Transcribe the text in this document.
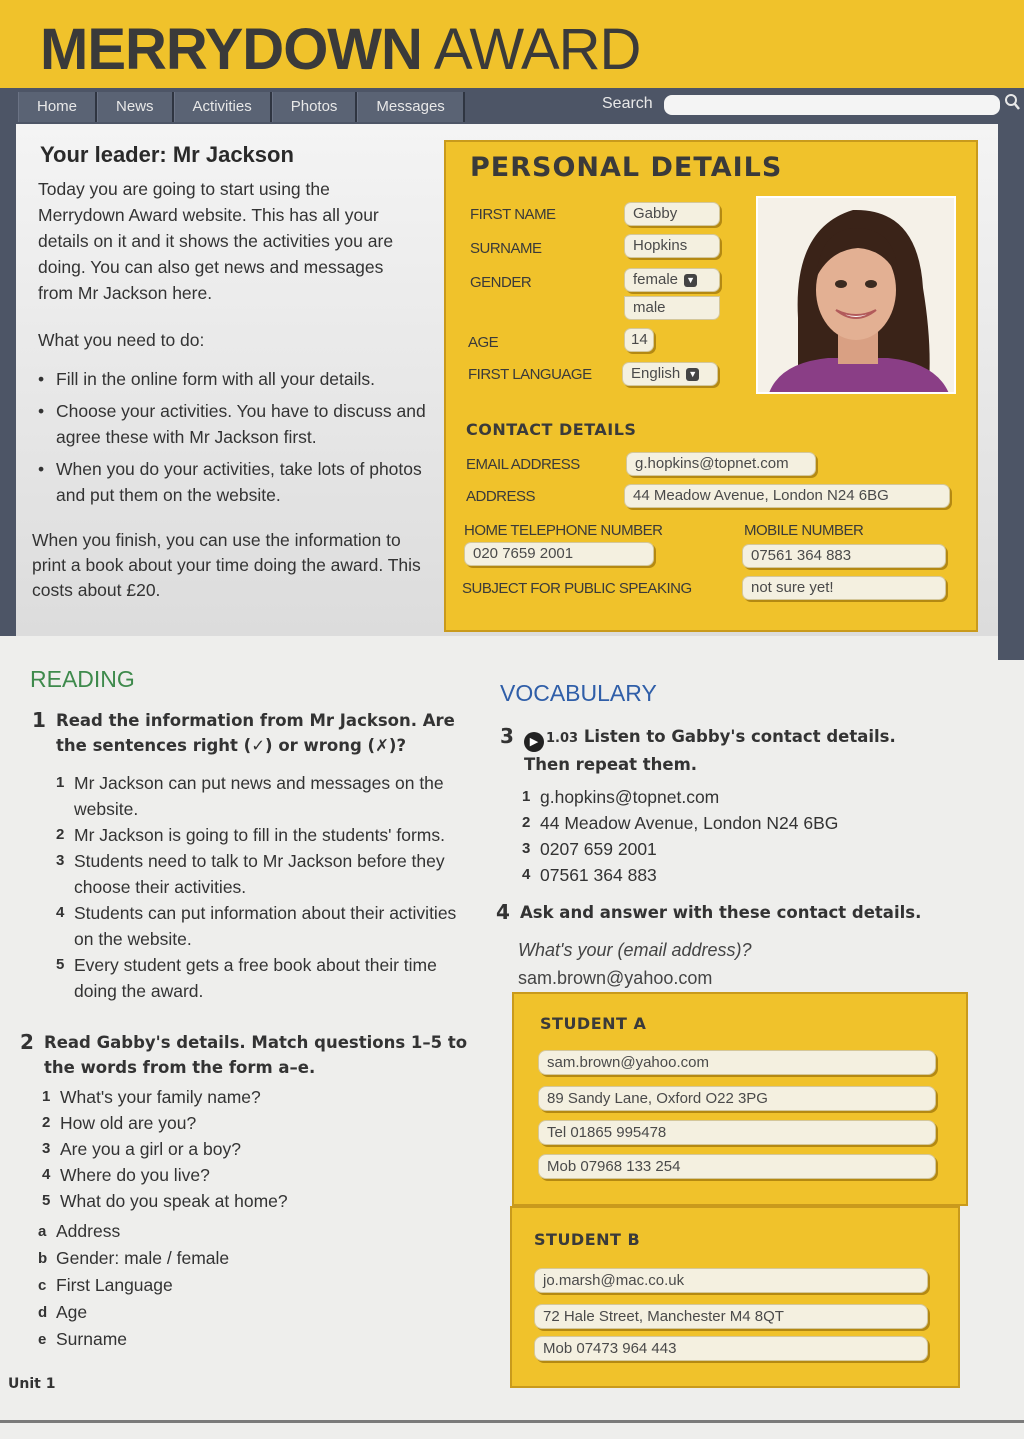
MERRYDOWN AWARD
Home	News	Activities	Photos	Messages	Search
Your leader: Mr Jackson
Today you are going to start using the Merrydown Award website. This has all your details on it and it shows the activities you are doing. You can also get news and messages from Mr Jackson here.
What you need to do:
• Fill in the online form with all your details.
• Choose your activities. You have to discuss and agree these with Mr Jackson first.
• When you do your activities, take lots of photos and put them on the website.
When you finish, you can use the information to print a book about your time doing the award. This costs about £20.
PERSONAL DETAILS
FIRST NAME	Gabby
SURNAME	Hopkins
GENDER	female ▼
male
AGE	14
FIRST LANGUAGE	English ▼
CONTACT DETAILS
EMAIL ADDRESS	g.hopkins@topnet.com
ADDRESS	44 Meadow Avenue, London N24 6BG
HOME TELEPHONE NUMBER	MOBILE NUMBER
020 7659 2001	07561 364 883
SUBJECT FOR PUBLIC SPEAKING	not sure yet!
READING
1 Read the information from Mr Jackson. Are the sentences right (✓) or wrong (✗)?
1 Mr Jackson can put news and messages on the website.
2 Mr Jackson is going to fill in the students' forms.
3 Students need to talk to Mr Jackson before they choose their activities.
4 Students can put information about their activities on the website.
5 Every student gets a free book about their time doing the award.
2 Read Gabby's details. Match questions 1–5 to the words from the form a–e.
1 What's your family name?
2 How old are you?
3 Are you a girl or a boy?
4 Where do you live?
5 What do you speak at home?
a Address
b Gender: male / female
c First Language
d Age
e Surname
VOCABULARY
3 ▶ 1.03 Listen to Gabby's contact details. Then repeat them.
1 g.hopkins@topnet.com
2 44 Meadow Avenue, London N24 6BG
3 0207 659 2001
4 07561 364 883
4 Ask and answer with these contact details.
What's your (email address)?
sam.brown@yahoo.com
STUDENT A
sam.brown@yahoo.com
89 Sandy Lane, Oxford O22 3PG
Tel 01865 995478
Mob 07968 133 254
STUDENT B
jo.marsh@mac.co.uk
72 Hale Street, Manchester M4 8QT
Mob 07473 964 443
Unit 1
